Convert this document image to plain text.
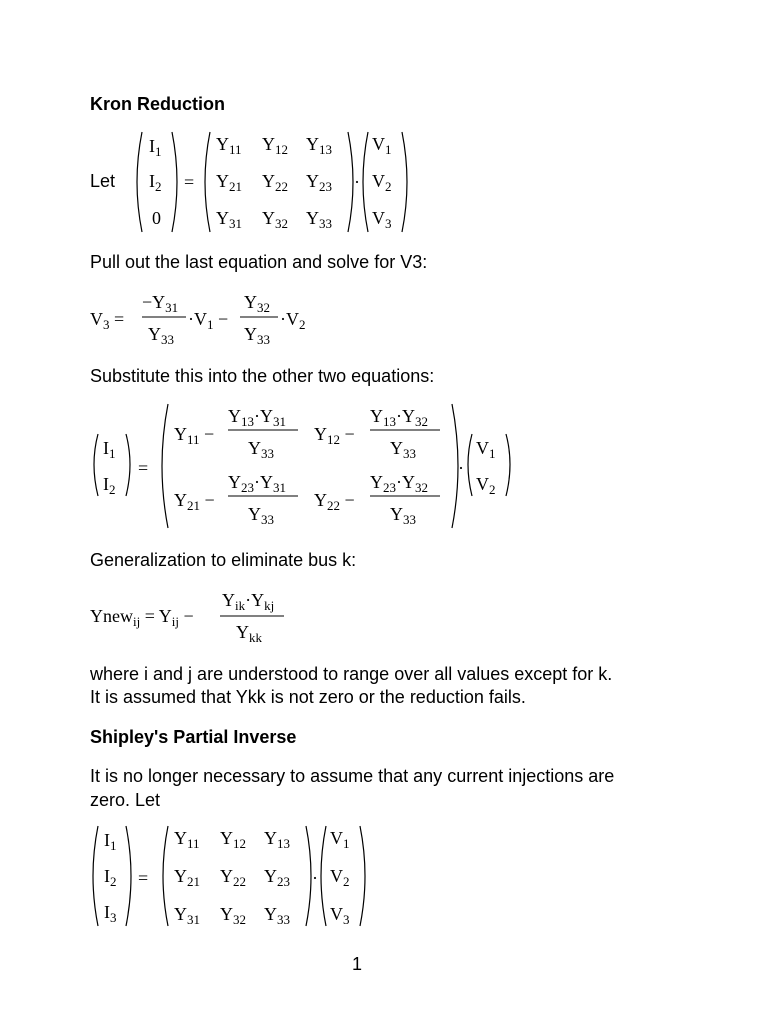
Kron Reduction
Let
$I_1$
$I_2$
0
=
$Y_{11}$ $Y_{12}$ $Y_{13}$
$Y_{21}$ $Y_{22}$ $Y_{23}$
$Y_{31}$ $Y_{32}$ $Y_{33}$
·
$V_1$
$V_2$
$V_3$
Pull out the last equation and solve for V3:
$V_3$ =
$-Y_{31}$
$Y_{33}$
$\cdot V_1$ −
$Y_{32}$
$Y_{33}$
$\cdot V_2$
Substitute this into the other two equations:
$I_1$
$I_2$
=
$Y_{11}$ −
$Y_{13}\cdot Y_{31}$
$Y_{33}$
$Y_{12}$ −
$Y_{13}\cdot Y_{32}$
$Y_{33}$
$Y_{21}$ −
$Y_{23}\cdot Y_{31}$
$Y_{33}$
$Y_{22}$ −
$Y_{23}\cdot Y_{32}$
$Y_{33}$
·
$V_1$
$V_2$
Generalization to eliminate bus k:
Ynew$_{ij}$ = $Y_{ij}$ −
$Y_{ik}\cdot Y_{kj}$
$Y_{kk}$
where i and j are understood to range over all values except for k.
It is assumed that Ykk is not zero or the reduction fails.
Shipley's Partial Inverse
It is no longer necessary to assume that any current injections are
zero. Let
$I_1$
$I_2$
$I_3$
=
$Y_{11}$ $Y_{12}$ $Y_{13}$
$Y_{21}$ $Y_{22}$ $Y_{23}$
$Y_{31}$ $Y_{32}$ $Y_{33}$
·
$V_1$
$V_2$
$V_3$
1
